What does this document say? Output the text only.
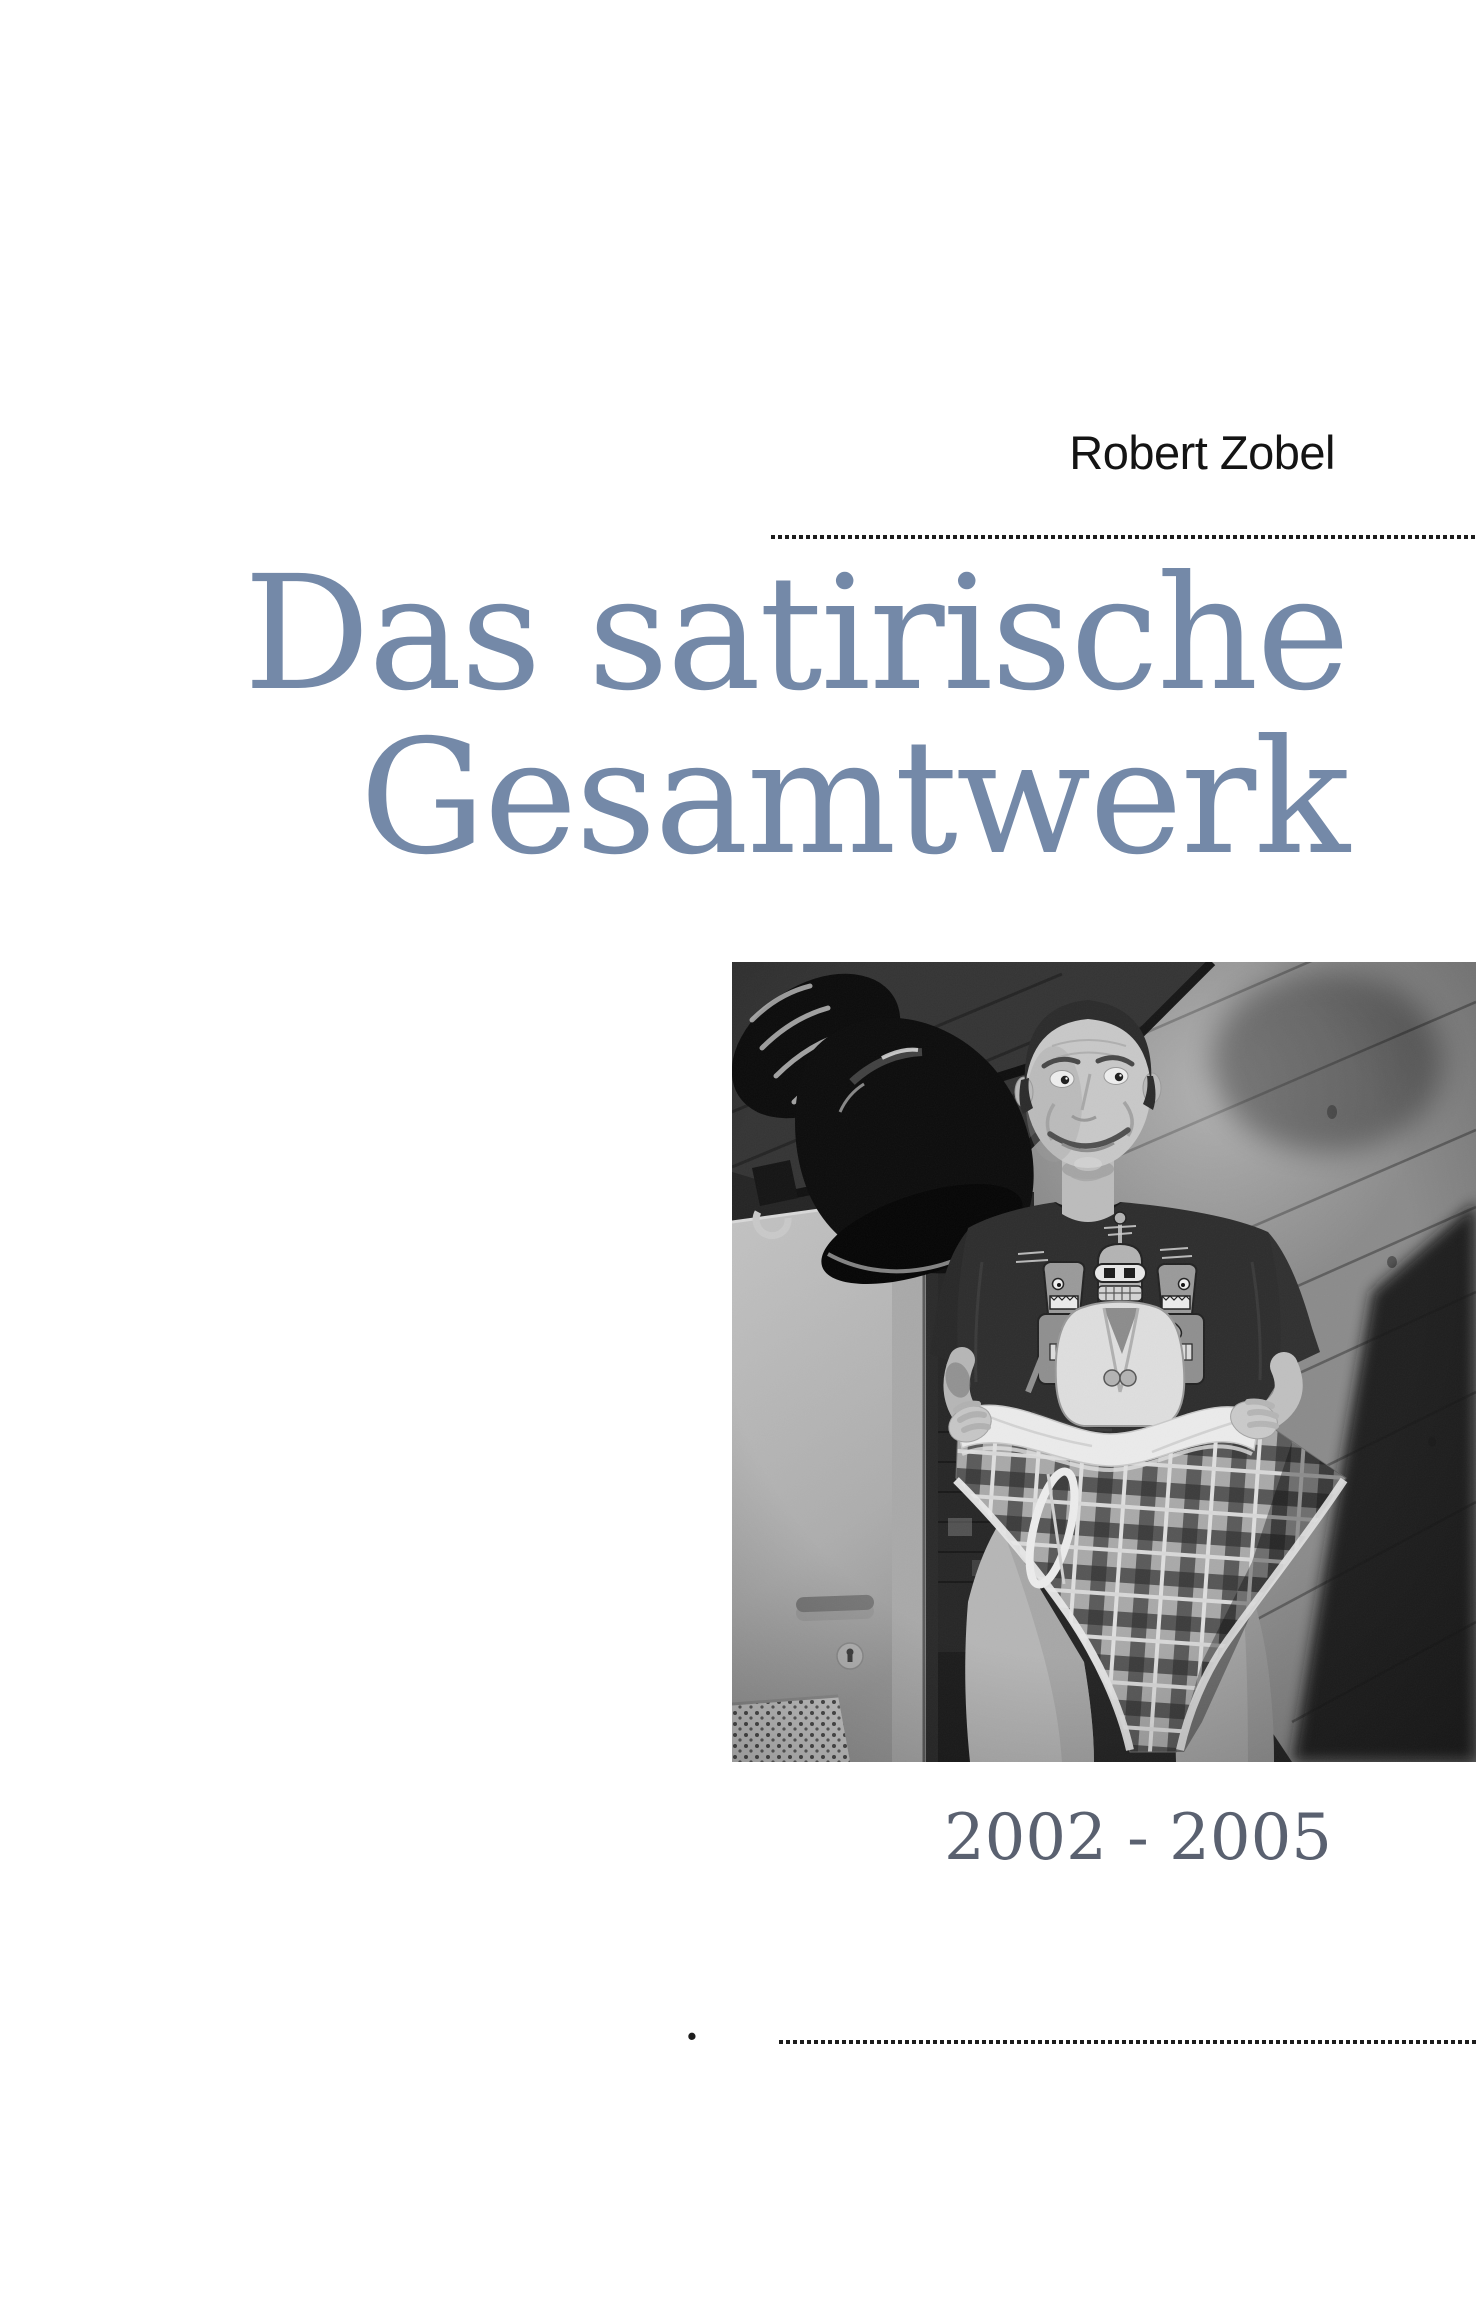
Robert Zobel
Das satirische
Gesamtwerk
2002 - 2005
.
